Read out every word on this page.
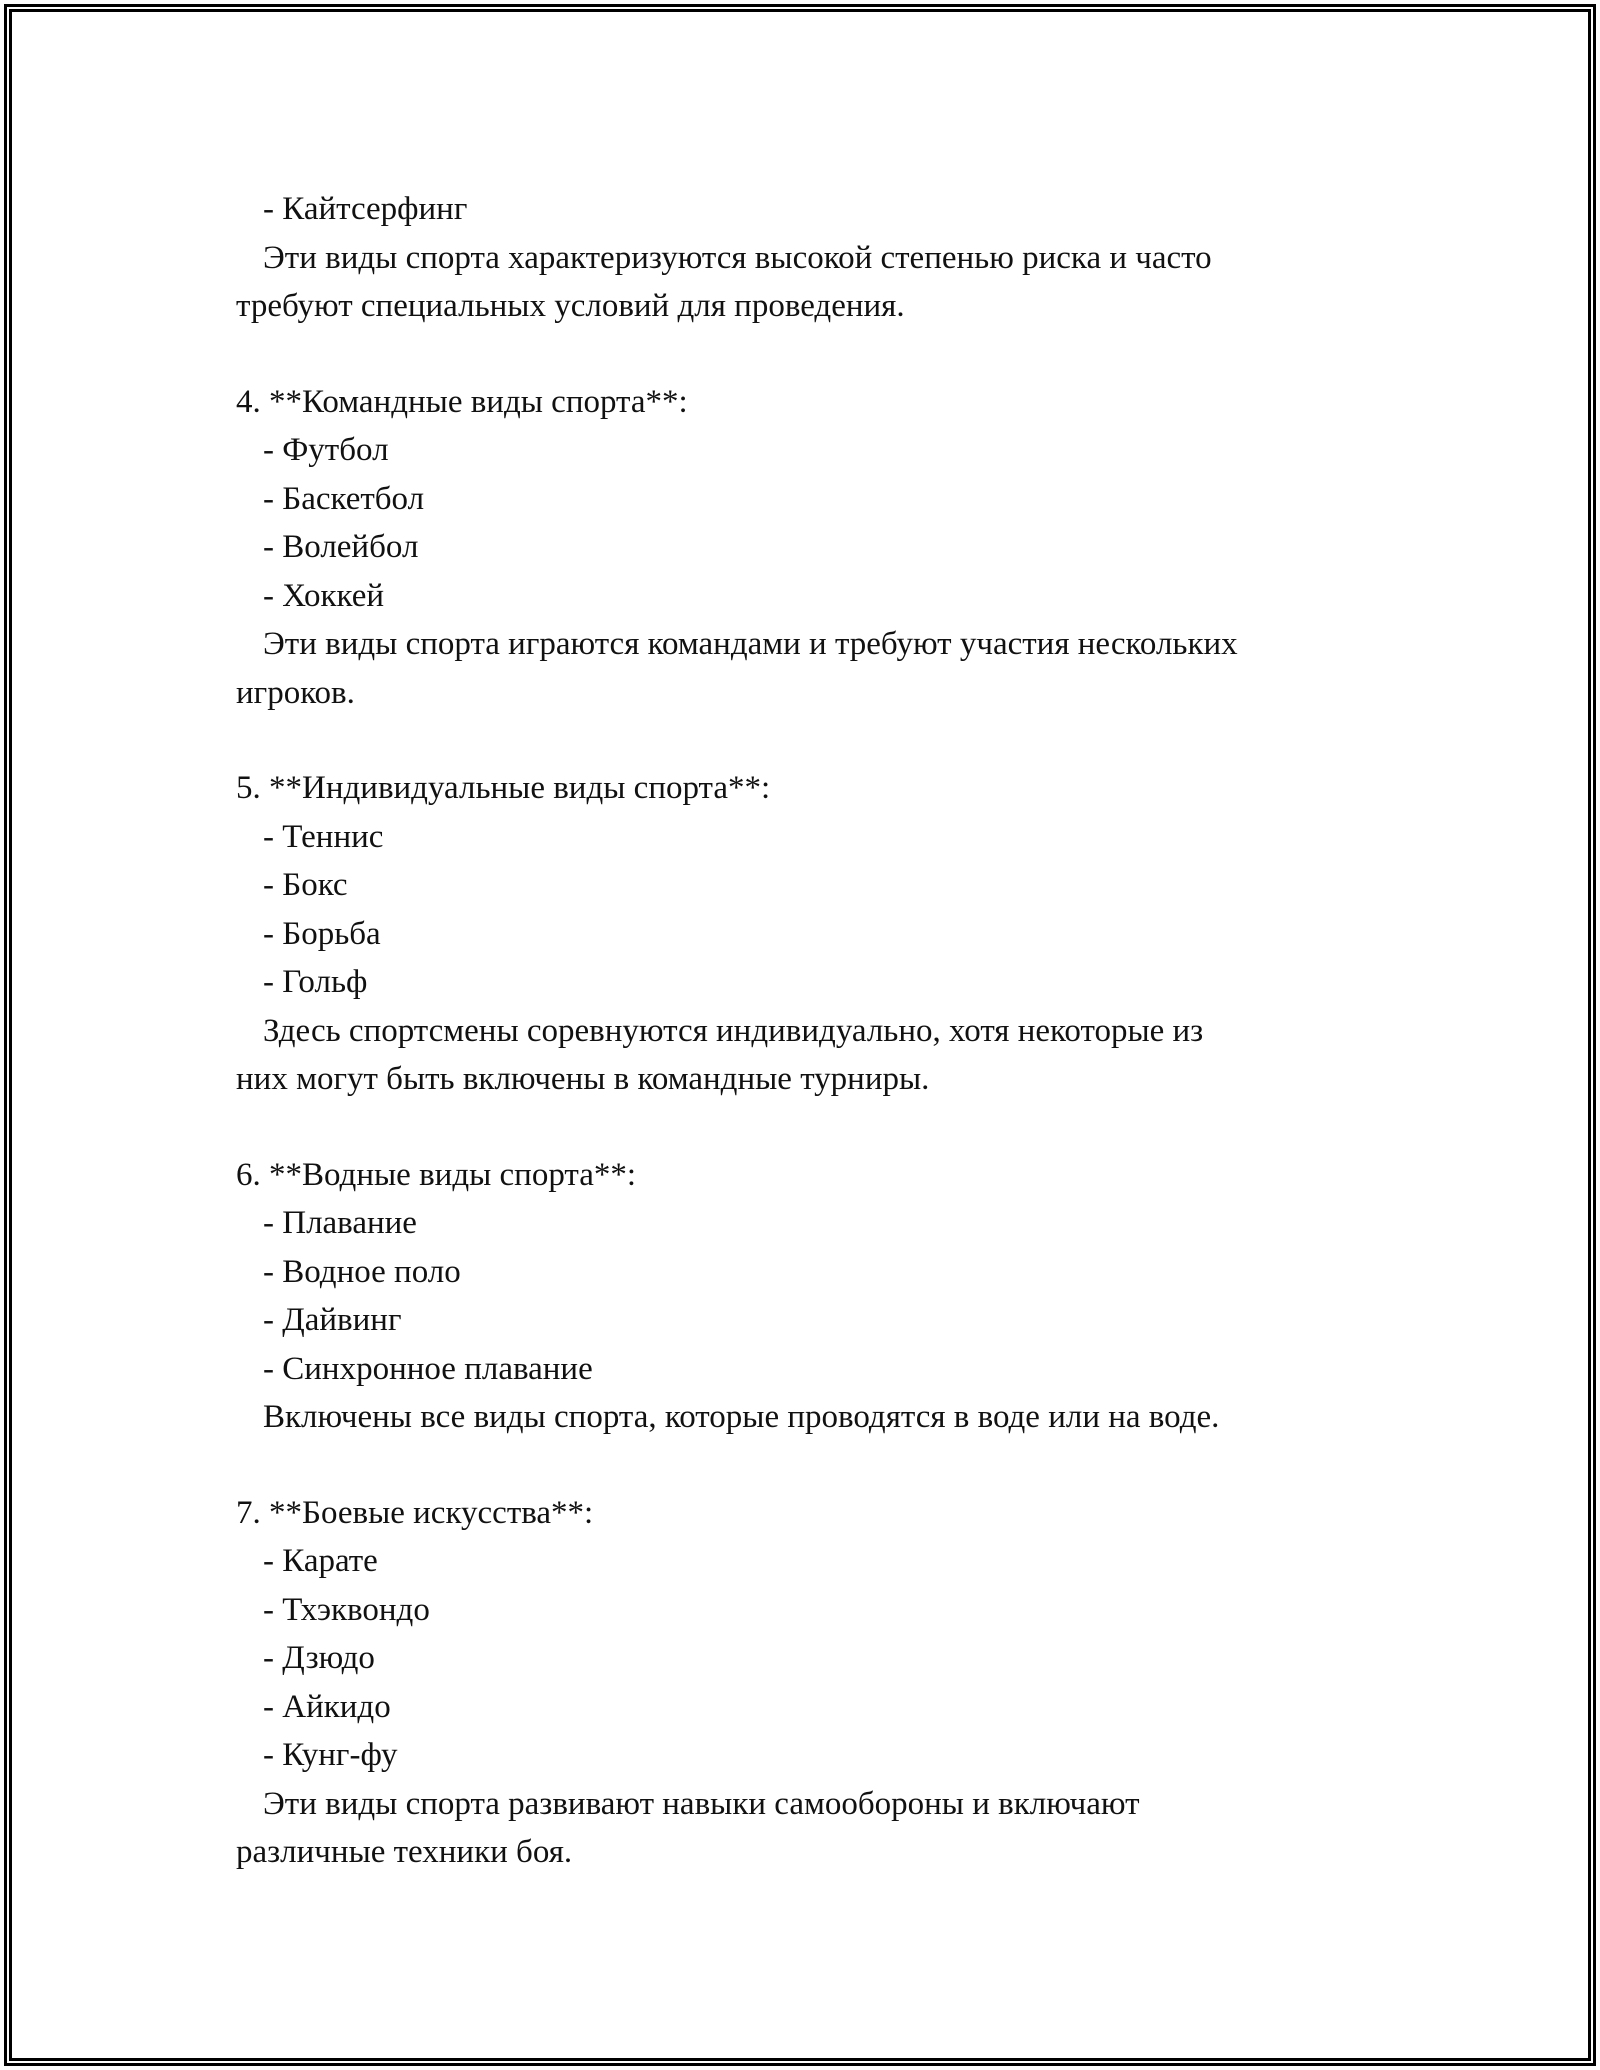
- Кайтсерфинг

Эти виды спорта характеризуются высокой степенью риска и часто

требуют специальных условий для проведения.

4. **Командные виды спорта**:

- Футбол

- Баскетбол

- Волейбол

- Хоккей

Эти виды спорта играются командами и требуют участия нескольких

игроков.

5. **Индивидуальные виды спорта**:

- Теннис

- Бокс

- Борьба

- Гольф

Здесь спортсмены соревнуются индивидуально, хотя некоторые из

них могут быть включены в командные турниры.

6. **Водные виды спорта**:

- Плавание

- Водное поло

- Дайвинг

- Синхронное плавание

Включены все виды спорта, которые проводятся в воде или на воде.

7. **Боевые искусства**:

- Карате

- Тхэквондо

- Дзюдо

- Айкидо

- Кунг-фу

Эти виды спорта развивают навыки самообороны и включают

различные техники боя.
